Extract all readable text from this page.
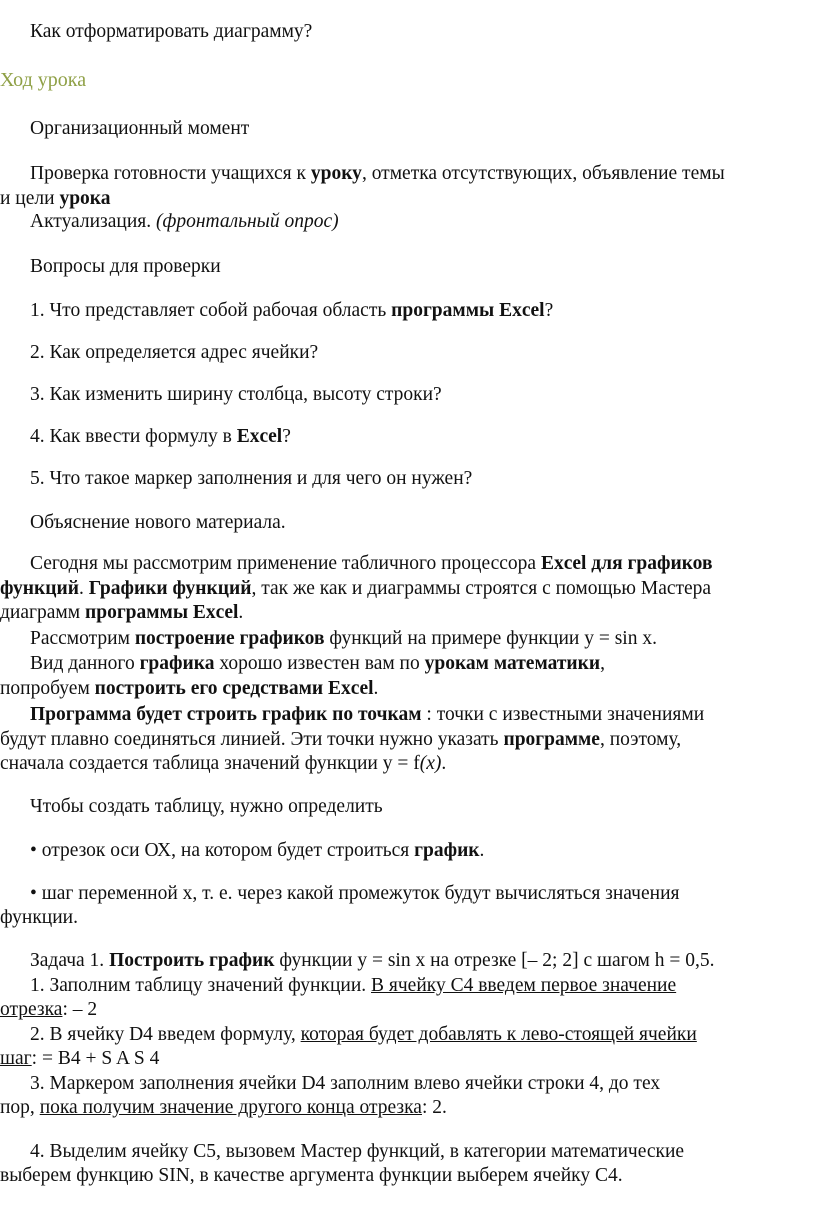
Как отформатировать диаграмму?
Ход урока
Организационный момент
Проверка готовности учащихся к уроку, отметка отсутствующих, объявление темы
и цели урока
Актуализация. (фронтальный опрос)
Вопросы для проверки
1. Что представляет собой рабочая область программы Excel?
2. Как определяется адрес ячейки?
3. Как изменить ширину столбца, высоту строки?
4. Как ввести формулу в Excel?
5. Что такое маркер заполнения и для чего он нужен?
Объяснение нового материала.
Сегодня мы рассмотрим применение табличного процессора Excel для графиков
функций. Графики функций, так же как и диаграммы строятся с помощью Мастера
диаграмм программы Excel.
Рассмотрим построение графиков функций на примере функции y = sin x.
Вид данного графика хорошо известен вам по урокам математики,
попробуем построить его средствами Excel.
Программа будет строить график по точкам : точки с известными значениями
будут плавно соединяться линией. Эти точки нужно указать программе, поэтому,
сначала создается таблица значений функции y = f(x).
Чтобы создать таблицу, нужно определить
• отрезок оси ОХ, на котором будет строиться график.
• шаг переменной х, т. е. через какой промежуток будут вычисляться значения
функции.
Задача 1. Построить график функции y = sin x на отрезке [– 2; 2] с шагом h = 0,5.
1. Заполним таблицу значений функции. В ячейку С4 введем первое значение
отрезка: – 2
2. В ячейку D4 введем формулу, которая будет добавлять к лево-стоящей ячейки
шаг: = В4 + S A S 4
3. Маркером заполнения ячейки D4 заполним влево ячейки строки 4, до тех
пор, пока получим значение другого конца отрезка: 2.
4. Выделим ячейку С5, вызовем Мастер функций, в категории математические
выберем функцию SIN, в качестве аргумента функции выберем ячейку С4.
